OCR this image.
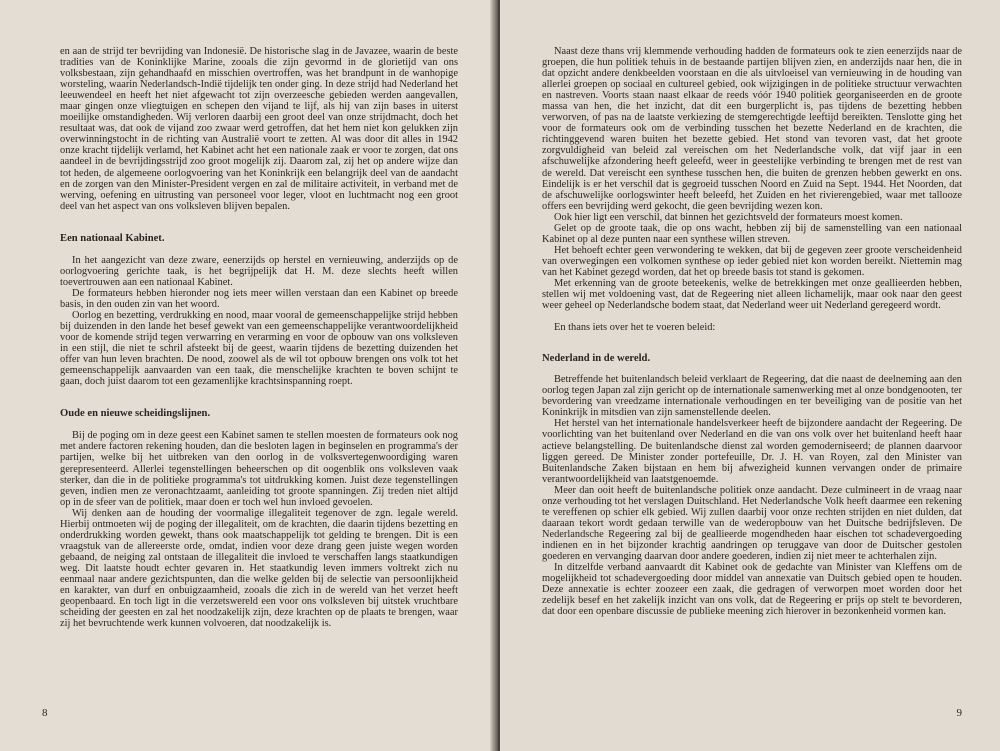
en aan de strijd ter bevrijding van Indonesië. De historische slag in de Javazee, waarin de beste tradities van de Koninklijke Marine, zooals die zijn gevormd in de glorietijd van ons volksbestaan, zijn gehandhaafd en misschien overtroffen, was het brandpunt in de wanhopige worsteling, waarin Nederlandsch-Indië tijdelijk ten onder ging. In deze strijd had Nederland het leeuwendeel en heeft het niet afgewacht tot zijn overzeesche gebieden werden aangevallen, maar gingen onze vliegtuigen en schepen den vijand te lijf, als hij van zijn bases in uiterst moeilijke omstandigheden. Wij verloren daarbij een groot deel van onze strijdmacht, doch het resultaat was, dat ook de vijand zoo zwaar werd getroffen, dat het hem niet kon gelukken zijn overwinningstocht in de richting van Australië voort te zetten. Al was door dit alles in 1942 onze kracht tijdelijk verlamd, het Kabinet acht het een nationale zaak er voor te zorgen, dat ons aandeel in de bevrijdingsstrijd zoo groot mogelijk zij. Daarom zal, zij het op andere wijze dan tot heden, de algemeene oorlogvoering van het Koninkrijk een belangrijk deel van de aandacht en de zorgen van den Minister-President vergen en zal de militaire activiteit, in verband met de werving, oefening en uitrusting van personeel voor leger, vloot en luchtmacht nog een groot deel van het aspect van ons volksleven blijven bepalen.

Een nationaal Kabinet.

In het aangezicht van deze zware, eenerzijds op herstel en vernieuwing, anderzijds op de oorlogvoering gerichte taak, is het begrijpelijk dat H. M. deze slechts heeft willen toevertrouwen aan een nationaal Kabinet.

De formateurs hebben hieronder nog iets meer willen verstaan dan een Kabinet op breede basis, in den ouden zin van het woord.

Oorlog en bezetting, verdrukking en nood, maar vooral de gemeenschappelijke strijd hebben bij duizenden in den lande het besef gewekt van een gemeenschappelijke verantwoordelijkheid voor de komende strijd tegen verwarring en verarming en voor de opbouw van ons volksleven in een stijl, die niet te schril afsteekt bij de geest, waarin tijdens de bezetting duizenden het offer van hun leven brachten. De nood, zoowel als de wil tot opbouw brengen ons volk tot het gemeenschappelijk aanvaarden van een taak, die menschelijke krachten te boven schijnt te gaan, doch juist daarom tot een gezamenlijke krachtsinspanning roept.

Oude en nieuwe scheidingslijnen.

Bij de poging om in deze geest een Kabinet samen te stellen moesten de formateurs ook nog met andere factoren rekening houden, dan die besloten lagen in beginselen en programma's der partijen, welke bij het uitbreken van den oorlog in de volksvertegenwoordiging waren gerepresenteerd. Allerlei tegenstellingen beheerschen op dit oogenblik ons volksleven vaak sterker, dan die in de politieke programma's tot uitdrukking komen. Juist deze tegenstellingen geven, indien men ze veronachtzaamt, aanleiding tot groote spanningen. Zij treden niet altijd op in de sfeer van de politiek, maar doen er toch wel hun invloed gevoelen.

Wij denken aan de houding der voormalige illegaliteit tegenover de zgn. legale wereld. Hierbij ontmoeten wij de poging der illegaliteit, om de krachten, die daarin tijdens bezetting en onderdrukking worden gewekt, thans ook maatschappelijk tot gelding te brengen. Dit is een vraagstuk van de allereerste orde, omdat, indien voor deze drang geen juiste wegen worden gebaand, de neiging zal ontstaan de illegaliteit die invloed te verschaffen langs staatkundigen weg. Dit laatste houdt echter gevaren in. Het staatkundig leven immers voltrekt zich nu eenmaal naar andere gezichtspunten, dan die welke gelden bij de selectie van persoonlijkheid en karakter, van durf en onbuigzaamheid, zooals die zich in de wereld van het verzet heeft geopenbaard. En toch ligt in die verzetswereld een voor ons volksleven bij uitstek vruchtbare scheiding der geesten en zal het noodzakelijk zijn, deze krachten op de plaats te brengen, waar zij het bevruchtende werk kunnen volvoeren, dat noodzakelijk is.

8

Naast deze thans vrij klemmende verhouding hadden de formateurs ook te zien eenerzijds naar de groepen, die hun politiek tehuis in de bestaande partijen blijven zien, en anderzijds naar hen, die in dat opzicht andere denkbeelden voorstaan en die als uitvloeisel van vernieuwing in de houding van allerlei groepen op sociaal en cultureel gebied, ook wijzigingen in de politieke structuur verwachten en nastreven. Voorts staan naast elkaar de reeds vóór 1940 politiek georganiseerden en de groote massa van hen, die het inzicht, dat dit een burgerplicht is, pas tijdens de bezetting hebben verworven, of pas na de laatste verkiezing de stemgerechtigde leeftijd bereikten. Tenslotte ging het voor de formateurs ook om de verbinding tusschen het bezette Nederland en de krachten, die richtinggevend waren buiten het bezette gebied. Het stond van tevoren vast, dat het groote zorgvuldigheid van beleid zal vereischen om het Nederlandsche volk, dat vijf jaar in een afschuwelijke afzondering heeft geleefd, weer in geestelijke verbinding te brengen met de rest van de wereld. Dat vereischt een synthese tusschen hen, die buiten de grenzen hebben gewerkt en ons. Eindelijk is er het verschil dat is gegroeid tusschen Noord en Zuid na Sept. 1944. Het Noorden, dat de afschuwelijke oorlogswinter heeft beleefd, het Zuiden en het rivierengebied, waar met tallooze offers een bevrijding werd gekocht, die geen bevrijding wezen kon.

Ook hier ligt een verschil, dat binnen het gezichtsveld der formateurs moest komen.

Gelet op de groote taak, die op ons wacht, hebben zij bij de samenstelling van een nationaal Kabinet op al deze punten naar een synthese willen streven.

Het behoeft echter geen verwondering te wekken, dat bij de gegeven zeer groote verscheidenheid van overwegingen een volkomen synthese op ieder gebied niet kon worden bereikt. Niettemin mag van het Kabinet gezegd worden, dat het op breede basis tot stand is gekomen.

Met erkenning van de groote beteekenis, welke de betrekkingen met onze geallieerden hebben, stellen wij met voldoening vast, dat de Regeering niet alleen lichamelijk, maar ook naar den geest weer geheel op Nederlandsche bodem staat, dat Nederland weer uit Nederland geregeerd wordt.

En thans iets over het te voeren beleid:

Nederland in de wereld.

Betreffende het buitenlandsch beleid verklaart de Regeering, dat die naast de deelneming aan den oorlog tegen Japan zal zijn gericht op de internationale samenwerking met al onze bondgenooten, ter bevordering van vreedzame internationale verhoudingen en ter beveiliging van de positie van het Koninkrijk in mitsdien van zijn samenstellende deelen.

Het herstel van het internationale handelsverkeer heeft de bijzondere aandacht der Regeering. De voorlichting van het buitenland over Nederland en die van ons volk over het buitenland heeft haar actieve belangstelling. De buitenlandsche dienst zal worden gemoderniseerd; de plannen daarvoor liggen gereed. De Minister zonder portefeuille, Dr. J. H. van Royen, zal den Minister van Buitenlandsche Zaken bijstaan en hem bij afwezigheid kunnen vervangen onder de primaire verantwoordelijkheid van laatstgenoemde.

Meer dan ooit heeft de buitenlandsche politiek onze aandacht. Deze culmineert in de vraag naar onze verhouding tot het verslagen Duitschland. Het Nederlandsche Volk heeft daarmee een rekening te vereffenen op schier elk gebied. Wij zullen daarbij voor onze rechten strijden en niet dulden, dat daaraan tekort wordt gedaan terwille van de wederopbouw van het Duitsche bedrijfsleven. De Nederlandsche Regeering zal bij de geallieerde mogendheden haar eischen tot schadevergoeding indienen en in het bijzonder krachtig aandringen op teruggave van door de Duitscher gestolen goederen en vervanging daarvan door andere goederen, indien zij niet meer te achterhalen zijn.

In ditzelfde verband aanvaardt dit Kabinet ook de gedachte van Minister van Kleffens om de mogelijkheid tot schadevergoeding door middel van annexatie van Duitsch gebied open te houden. Deze annexatie is echter zoozeer een zaak, die gedragen of verworpen moet worden door het zedelijk besef en het zakelijk inzicht van ons volk, dat de Regeering er prijs op stelt te bevorderen, dat door een openbare discussie de publieke meening zich hierover in bezonkenheid vormen kan.

9
